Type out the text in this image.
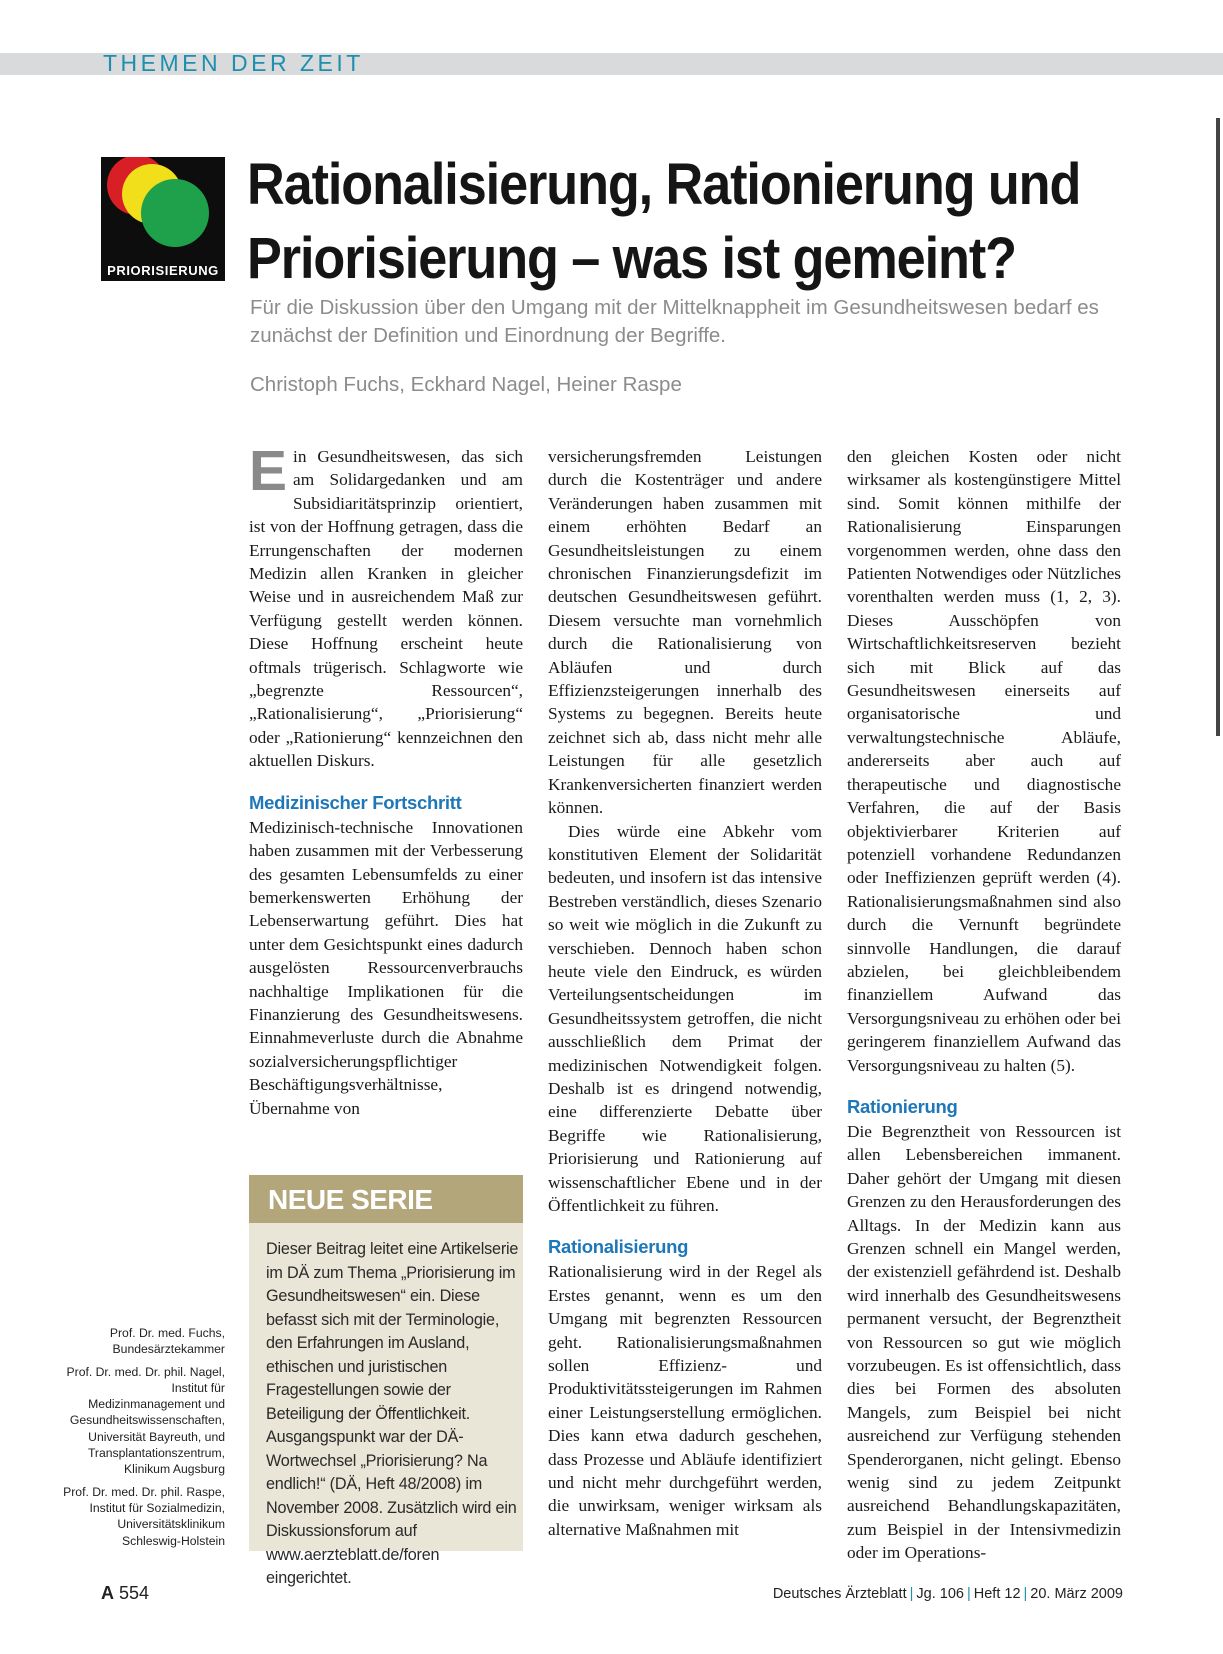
THEMEN DER ZEIT
PRIORISIERUNG
Rationalisierung, Rationierung und
Priorisierung – was ist gemeint?
Für die Diskussion über den Umgang mit der Mittelknappheit im Gesundheitswesen bedarf es zunächst der Definition und Einordnung der Begriffe.
Christoph Fuchs, Eckhard Nagel, Heiner Raspe

Ein Gesundheitswesen, das sich am Solidargedanken und am Subsidiaritätsprinzip orientiert, ist von der Hoffnung getragen, dass die Errungenschaften der modernen Medizin allen Kranken in gleicher Weise und in ausreichendem Maß zur Verfügung gestellt werden können. Diese Hoffnung erscheint heute oftmals trügerisch. Schlagworte wie „begrenzte Ressourcen“, „Rationalisierung“, „Priorisierung“ oder „Rationierung“ kennzeichnen den aktuellen Diskurs.

Medizinischer Fortschritt

Medizinisch-technische Innovationen haben zusammen mit der Verbesserung des gesamten Lebensumfelds zu einer bemerkenswerten Erhöhung der Lebenserwartung geführt. Dies hat unter dem Gesichtspunkt eines dadurch ausgelösten Ressourcenverbrauchs nachhaltige Implikationen für die Finanzierung des Gesundheitswesens. Einnahmeverluste durch die Abnahme sozialversicherungspflichtiger Beschäftigungsverhältnisse, Übernahme von

NEUE SERIE
Dieser Beitrag leitet eine Artikelserie im DÄ zum Thema „Priorisierung im Gesundheitswesen“ ein. Diese befasst sich mit der Terminologie, den Erfahrungen im Ausland, ethischen und juristischen Fragestellungen sowie der Beteiligung der Öffentlichkeit. Ausgangspunkt war der DÄ-Wortwechsel „Priorisierung? Na endlich!“ (DÄ, Heft 48/2008) im November 2008. Zusätzlich wird ein Diskussionsforum auf www.aerzteblatt.de/foren eingerichtet.

Prof. Dr. med. Fuchs, Bundesärztekammer

Prof. Dr. med. Dr. phil. Nagel, Institut für Medizinmanagement und Gesundheitswissenschaften, Universität Bayreuth, und Transplantationszentrum, Klinikum Augsburg

Prof. Dr. med. Dr. phil. Raspe, Institut für Sozialmedizin, Universitätsklinikum Schleswig-Holstein

versicherungsfremden Leistungen durch die Kostenträger und andere Veränderungen haben zusammen mit einem erhöhten Bedarf an Gesundheitsleistungen zu einem chronischen Finanzierungsdefizit im deutschen Gesundheitswesen geführt. Diesem versuchte man vornehmlich durch die Rationalisierung von Abläufen und durch Effizienzsteigerungen innerhalb des Systems zu begegnen. Bereits heute zeichnet sich ab, dass nicht mehr alle Leistungen für alle gesetzlich Krankenversicherten finanziert werden können.

Dies würde eine Abkehr vom konstitutiven Element der Solidarität bedeuten, und insofern ist das intensive Bestreben verständlich, dieses Szenario so weit wie möglich in die Zukunft zu verschieben. Dennoch haben schon heute viele den Eindruck, es würden Verteilungsentscheidungen im Gesundheitssystem getroffen, die nicht ausschließlich dem Primat der medizinischen Notwendigkeit folgen. Deshalb ist es dringend notwendig, eine differenzierte Debatte über Begriffe wie Rationalisierung, Priorisierung und Rationierung auf wissenschaftlicher Ebene und in der Öffentlichkeit zu führen.

Rationalisierung

Rationalisierung wird in der Regel als Erstes genannt, wenn es um den Umgang mit begrenzten Ressourcen geht. Rationalisierungsmaßnahmen sollen Effizienz- und Produktivitätssteigerungen im Rahmen einer Leistungserstellung ermöglichen. Dies kann etwa dadurch geschehen, dass Prozesse und Abläufe identifiziert und nicht mehr durchgeführt werden, die unwirksam, weniger wirksam als alternative Maßnahmen mit

den gleichen Kosten oder nicht wirksamer als kostengünstigere Mittel sind. Somit können mithilfe der Rationalisierung Einsparungen vorgenommen werden, ohne dass den Patienten Notwendiges oder Nützliches vorenthalten werden muss (1, 2, 3). Dieses Ausschöpfen von Wirtschaftlichkeitsreserven bezieht sich mit Blick auf das Gesundheitswesen einerseits auf organisatorische und verwaltungstechnische Abläufe, andererseits aber auch auf therapeutische und diagnostische Verfahren, die auf der Basis objektivierbarer Kriterien auf potenziell vorhandene Redundanzen oder Ineffizienzen geprüft werden (4). Rationalisierungsmaßnahmen sind also durch die Vernunft begründete sinnvolle Handlungen, die darauf abzielen, bei gleichbleibendem finanziellem Aufwand das Versorgungsniveau zu erhöhen oder bei geringerem finanziellem Aufwand das Versorgungsniveau zu halten (5).

Rationierung

Die Begrenztheit von Ressourcen ist allen Lebensbereichen immanent. Daher gehört der Umgang mit diesen Grenzen zu den Herausforderungen des Alltags. In der Medizin kann aus Grenzen schnell ein Mangel werden, der existenziell gefährdend ist. Deshalb wird innerhalb des Gesundheitswesens permanent versucht, der Begrenztheit von Ressourcen so gut wie möglich vorzubeugen. Es ist offensichtlich, dass dies bei Formen des absoluten Mangels, zum Beispiel bei nicht ausreichend zur Verfügung stehenden Spenderorganen, nicht gelingt. Ebenso wenig sind zu jedem Zeitpunkt ausreichend Behandlungskapazitäten, zum Beispiel in der Intensivmedizin oder im Operations-

A 554	Deutsches Ärzteblatt | Jg. 106 | Heft 12 | 20. März 2009
